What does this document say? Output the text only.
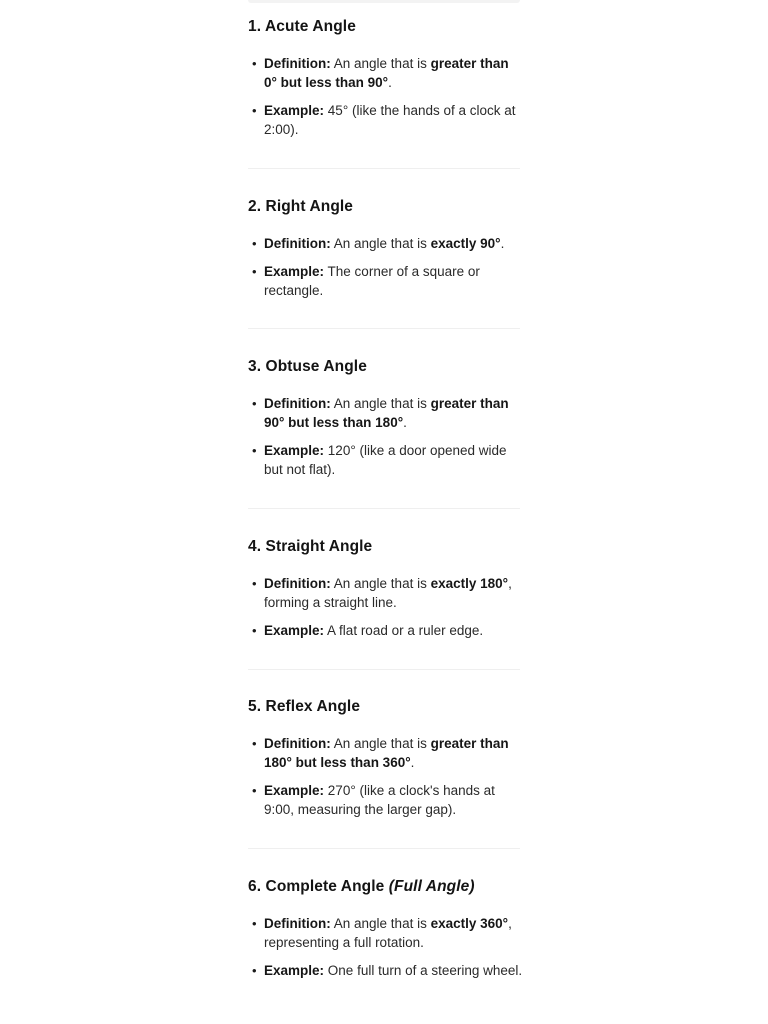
1. Acute Angle
• Definition: An angle that is greater than 0° but less than 90°.
• Example: 45° (like the hands of a clock at 2:00).
2. Right Angle
• Definition: An angle that is exactly 90°.
• Example: The corner of a square or rectangle.
3. Obtuse Angle
• Definition: An angle that is greater than 90° but less than 180°.
• Example: 120° (like a door opened wide but not flat).
4. Straight Angle
• Definition: An angle that is exactly 180°, forming a straight line.
• Example: A flat road or a ruler edge.
5. Reflex Angle
• Definition: An angle that is greater than 180° but less than 360°.
• Example: 270° (like a clock's hands at 9:00, measuring the larger gap).
6. Complete Angle (Full Angle)
• Definition: An angle that is exactly 360°, representing a full rotation.
• Example: One full turn of a steering wheel.
